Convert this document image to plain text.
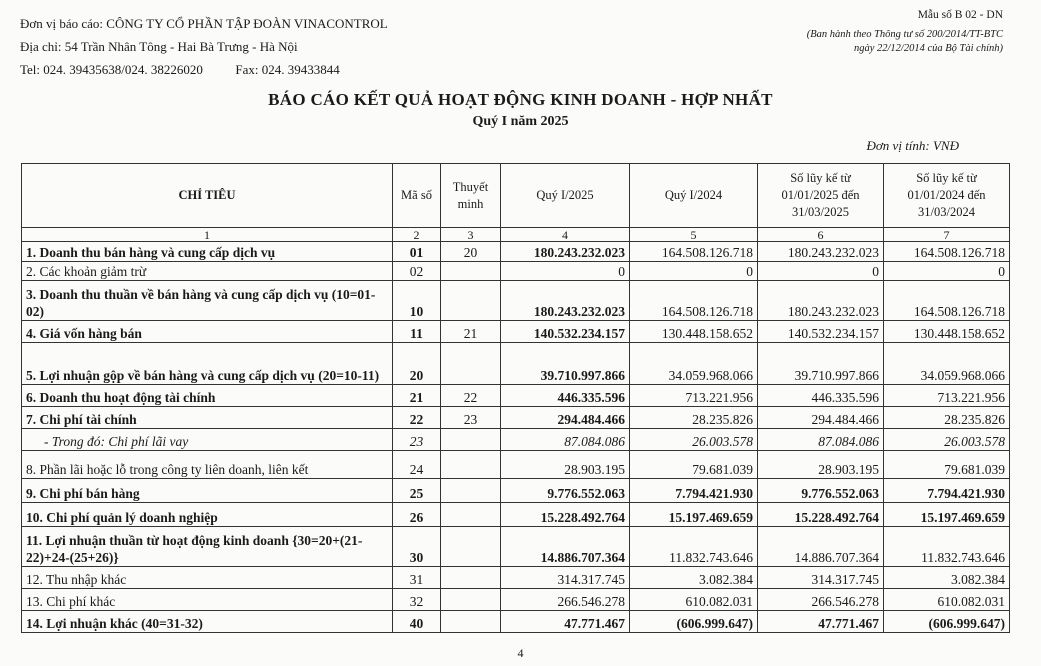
Đơn vị báo cáo: CÔNG TY CỔ PHẦN TẬP ĐOÀN VINACONTROL
Địa chỉ: 54 Trần Nhân Tông - Hai Bà Trưng - Hà Nội
Tel: 024. 39435638/024. 38226020	Fax: 024. 39433844
Mẫu số B 02 - DN
(Ban hành theo Thông tư số 200/2014/TT-BTC
ngày 22/12/2014 của Bộ Tài chính)
BÁO CÁO KẾT QUẢ HOẠT ĐỘNG KINH DOANH - HỢP NHẤT
Quý I năm 2025
Đơn vị tính: VNĐ
CHỈ TIÊU	Mã số	Thuyết minh	Quý I/2025	Quý I/2024	Số lũy kế từ 01/01/2025 đến 31/03/2025	Số lũy kế từ 01/01/2024 đến 31/03/2024
1	2	3	4	5	6	7
1. Doanh thu bán hàng và cung cấp dịch vụ	01	20	180.243.232.023	164.508.126.718	180.243.232.023	164.508.126.718
2. Các khoản giảm trừ	02		0	0	0	0
3. Doanh thu thuần về bán hàng và cung cấp dịch vụ (10=01-02)	10		180.243.232.023	164.508.126.718	180.243.232.023	164.508.126.718
4. Giá vốn hàng bán	11	21	140.532.234.157	130.448.158.652	140.532.234.157	130.448.158.652
5. Lợi nhuận gộp về bán hàng và cung cấp dịch vụ (20=10-11)	20		39.710.997.866	34.059.968.066	39.710.997.866	34.059.968.066
6. Doanh thu hoạt động tài chính	21	22	446.335.596	713.221.956	446.335.596	713.221.956
7. Chi phí tài chính	22	23	294.484.466	28.235.826	294.484.466	28.235.826
- Trong đó: Chi phí lãi vay	23		87.084.086	26.003.578	87.084.086	26.003.578
8. Phần lãi hoặc lỗ trong công ty liên doanh, liên kết	24		28.903.195	79.681.039	28.903.195	79.681.039
9. Chi phí bán hàng	25		9.776.552.063	7.794.421.930	9.776.552.063	7.794.421.930
10. Chi phí quản lý doanh nghiệp	26		15.228.492.764	15.197.469.659	15.228.492.764	15.197.469.659
11. Lợi nhuận thuần từ hoạt động kinh doanh {30=20+(21-22)+24-(25+26)}	30		14.886.707.364	11.832.743.646	14.886.707.364	11.832.743.646
12. Thu nhập khác	31		314.317.745	3.082.384	314.317.745	3.082.384
13. Chi phí khác	32		266.546.278	610.082.031	266.546.278	610.082.031
14. Lợi nhuận khác (40=31-32)	40		47.771.467	(606.999.647)	47.771.467	(606.999.647)
4
